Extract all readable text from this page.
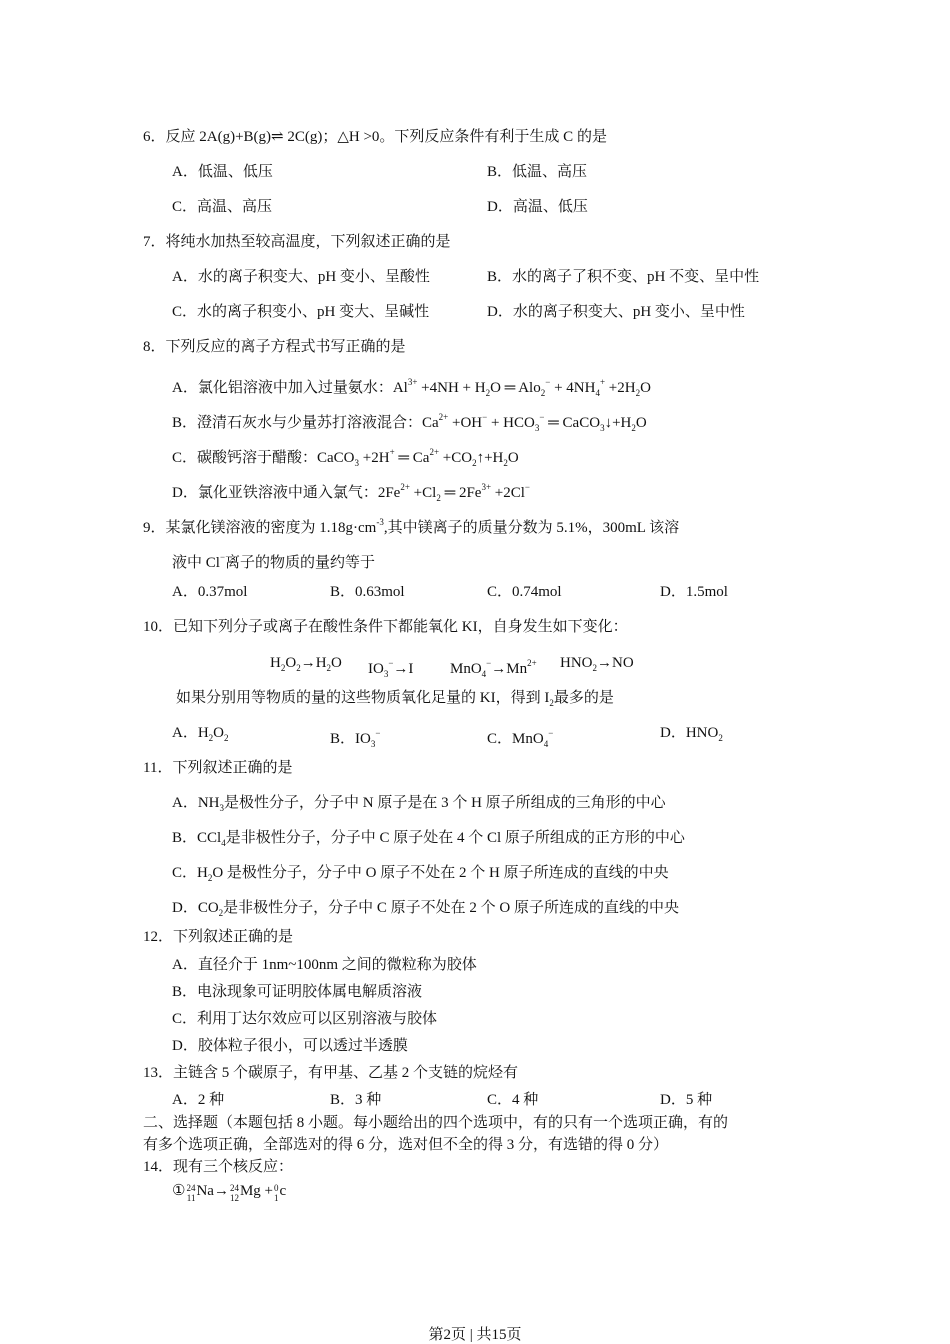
6．反应 2A(g)+B(g)⇌ 2C(g)；△H >0。下列反应条件有利于生成 C 的是
A．低温、低压	B．低温、高压
C．高温、高压	D．高温、低压
7．将纯水加热至较高温度，下列叙述正确的是
A．水的离子积变大、pH 变小、呈酸性	B．水的离子了积不变、pH 不变、呈中性
C．水的离子积变小、pH 变大、呈碱性	D．水的离子积变大、pH 变小、呈中性
8．下列反应的离子方程式书写正确的是
A．氯化铝溶液中加入过量氨水：$Al^{3+} +4NH + H_2O$ ═ $Alo_2^- + 4NH_4^+ +2H_2O$
B．澄清石灰水与少量苏打溶液混合：$Ca^{2+} +OH^- + HCO_3^-$ ═ $CaCO_3↓+H_2O$
C．碳酸钙溶于醋酸：CaCO$_3$ +2H+ ═ $Ca^{2+}$ $+CO_2↑+H_2O$
D．氯化亚铁溶液中通入氯气：$2Fe^{2+} +Cl_2$ ═ $2Fe^{3+} +2Cl^-$
9．某氯化镁溶液的密度为 $1.18g\cdot cm^{-3}$,其中镁离子的质量分数为 5.1%，300mL 该溶
液中 Cl−离子的物质的量约等于
A．0.37mol	B．0.63mol	C．0.74mol	D．1.5mol
10．已知下列分子或离子在酸性条件下都能氧化 KI，自身发生如下变化：
$H_2O_2\to H_2O$ $IO_3^-\to I$ $MnO_4^-\to Mn^{2+}$ $HNO_2\to NO$
如果分别用等物质的量的这些物质氧化足量的 KI，得到 $I_2$最多的是
A．$H_2O_2$	B．$IO_3^-$	C．MnO$_4$−	D．$HNO_2$
11．下列叙述正确的是
A．$NH_3$是极性分子，分子中 N 原子是在 3 个 H 原子所组成的三角形的中心
B．CCl$_4$是非极性分子，分子中 C 原子处在 4 个 Cl 原子所组成的正方形的中心
C．$H_2O$ 是极性分子，分子中 O 原子不处在 2 个 H 原子所连成的直线的中央
D．$CO_2$是非极性分子，分子中 C 原子不处在 2 个 O 原子所连成的直线的中央
12．下列叙述正确的是
A．直径介于 1nm~100nm 之间的微粒称为胶体
B．电泳现象可证明胶体属电解质溶液
C．利用丁达尔效应可以区别溶液与胶体
D．胶体粒子很小，可以透过半透膜
13．主链含 5 个碳原子，有甲基、乙基 2 个支链的烷烃有
A．2 种	B．3 种	C．4 种	D．5 种
二、选择题（本题包括 8 小题。每小题给出的四个选项中，有的只有一个选项正确，有的
有多个选项正确，全部选对的得 6 分，选对但不全的得 3 分，有选错的得 0 分）
14．现有三个核反应：
① 24
11 Na→ 24
12 Mg + 0
1 c
第2页 | 共15页
